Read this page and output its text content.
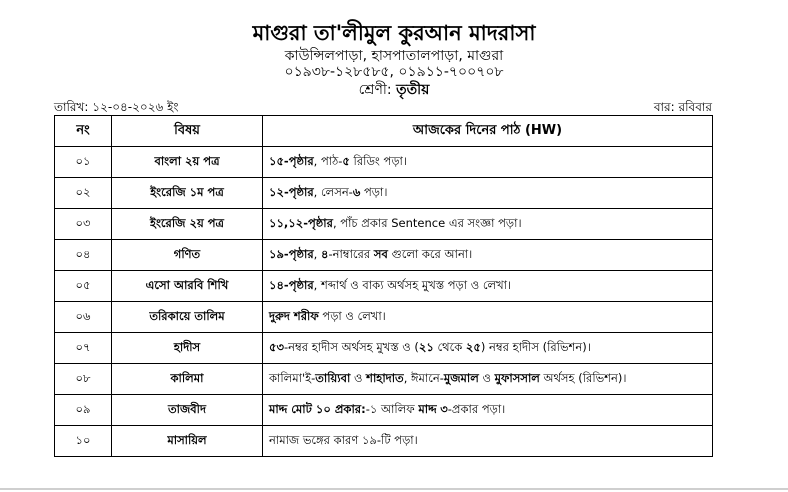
মাগুরা তা'লীমুল কুরআন মাদরাসা
কাউন্সিলপাড়া, হাসপাতালপাড়া, মাগুরা
০১৯৩৮-১২৮৫৮৫, ০১৯১১-৭০০৭০৮
শ্রেণী: তৃতীয়
তারিখ: ১২-০৪-২০২৬ ইং	বার: রবিবার
নং	বিষয়	আজকের দিনের পাঠ (HW)
০১	বাংলা ২য় পত্র	১৫-পৃষ্ঠার, পাঠ-৫ রিডিং পড়া।
০২	ইংরেজি ১ম পত্র	১২-পৃষ্ঠার, লেসন-৬ পড়া।
০৩	ইংরেজি ২য় পত্র	১১,১২-পৃষ্ঠার, পাঁচ প্রকার Sentence এর সংজ্ঞা পড়া।
০৪	গণিত	১৯-পৃষ্ঠার, ৪-নাম্বারের সব গুলো করে আনা।
০৫	এসো আরবি শিখি	১৪-পৃষ্ঠার, শব্দার্থ ও বাক্য অর্থসহ মুখস্ত পড়া ও লেখা।
০৬	তরিকায়ে তালিম	দুরুদ শরীফ পড়া ও লেখা।
০৭	হাদীস	৫৩-নম্বর হাদীস অর্থসহ মুখস্ত ও (২১ থেকে ২৫) নম্বর হাদীস (রিভিশন)।
০৮	কালিমা	কালিমা'ই-তায়্যিবা ও শাহাদাত, ঈমানে-মুজমাল ও মুফাসসাল অর্থসহ (রিভিশন)।
০৯	তাজবীদ	মাদ্দ মোট ১০ প্রকার:-১ আলিফ মাদ্দ ৩-প্রকার পড়া।
১০	মাসায়িল	নামাজ ভঙ্গের কারণ ১৯-টি পড়া।
